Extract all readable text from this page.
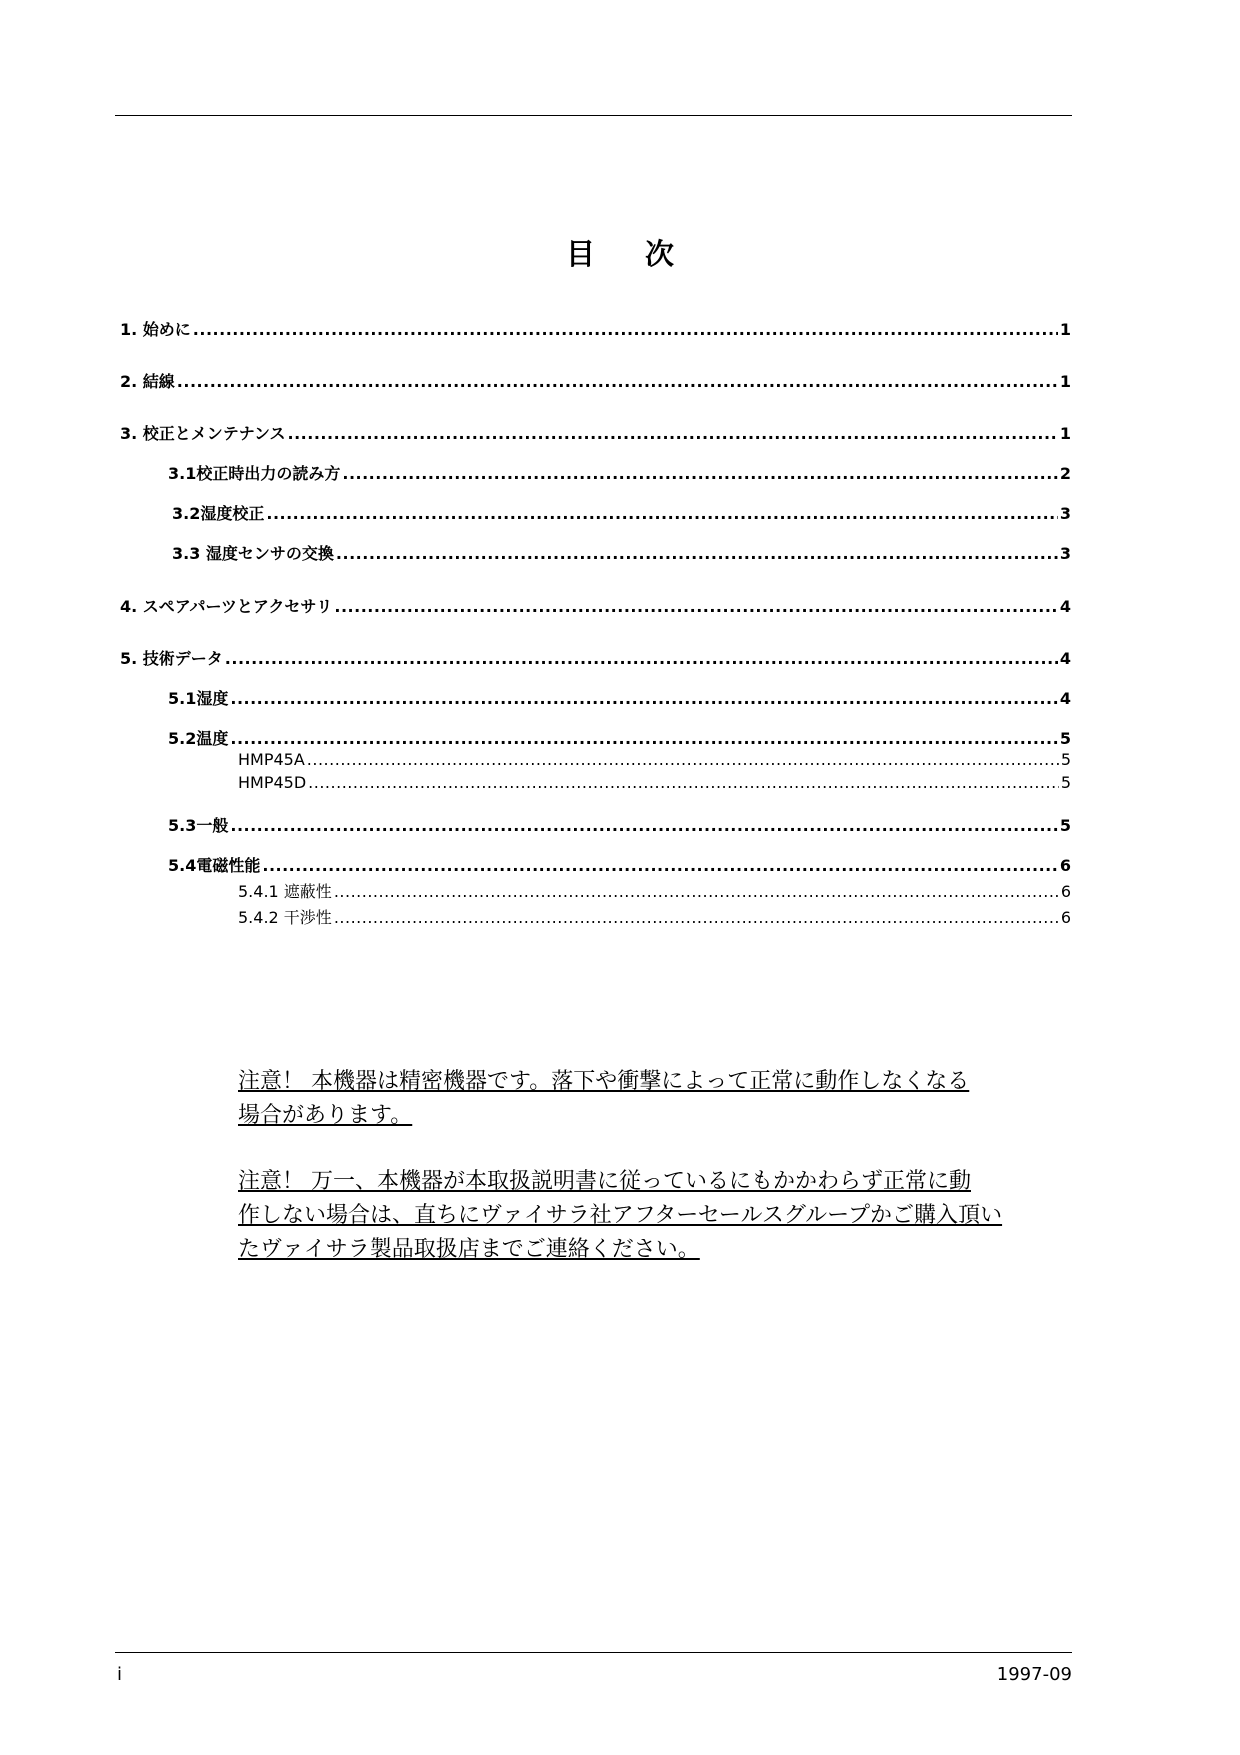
目 次
1. 始めに .....	1
2. 結線 .....	1
3. 校正とメンテナンス .....	1
3.1校正時出力の読み方 .....	2
3.2湿度校正 .....	3
3.3 湿度センサの交換 .....	3
4. スペアパーツとアクセサリ .....	4
5. 技術データ .....	4
5.1湿度 .....	4
5.2温度 .....	5
HMP45A .....	5
HMP45D .....	5
5.3一般 .....	5
5.4電磁性能 .....	6
5.4.1 遮蔽性 .....	6
5.4.2 干渉性 .....	6
注意！ 本機器は精密機器です。落下や衝撃によって正常に動作しなくなる
場合があります。
注意！ 万一、本機器が本取扱説明書に従っているにもかかわらず正常に動
作しない場合は、直ちにヴァイサラ社アフターセールスグループかご購入頂い
たヴァイサラ製品取扱店までご連絡ください。
i	1997-09
